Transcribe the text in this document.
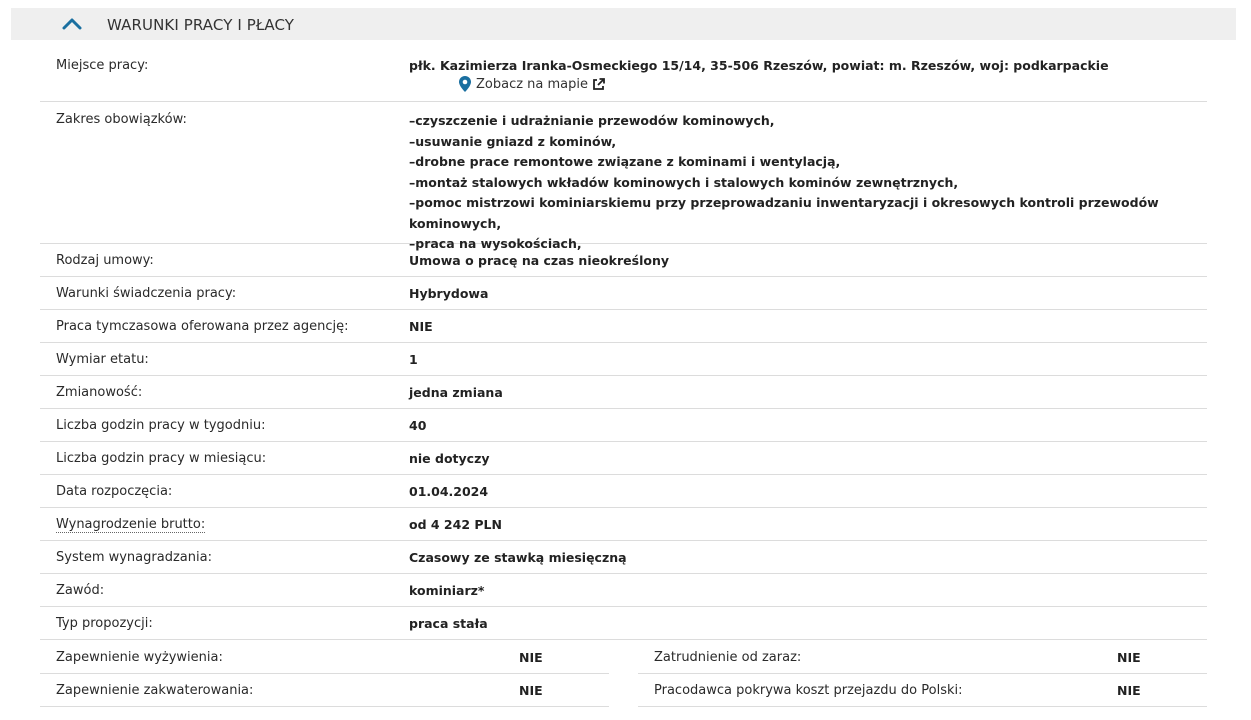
WARUNKI PRACY I PŁACY
Miejsce pracy:	płk. Kazimierza Iranka-Osmeckiego 15/14, 35-506 Rzeszów, powiat: m. Rzeszów, woj: podkarpackie
Zobacz na mapie
Zakres obowiązków:	–czyszczenie i udrażnianie przewodów kominowych,
–usuwanie gniazd z kominów,
–drobne prace remontowe związane z kominami i wentylacją,
–montaż stalowych wkładów kominowych i stalowych kominów zewnętrznych,
–pomoc mistrzowi kominiarskiemu przy przeprowadzaniu inwentaryzacji i okresowych kontroli przewodów kominowych,
–praca na wysokościach,
Rodzaj umowy:	Umowa o pracę na czas nieokreślony
Warunki świadczenia pracy:	Hybrydowa
Praca tymczasowa oferowana przez agencję:	NIE
Wymiar etatu:	1
Zmianowość:	jedna zmiana
Liczba godzin pracy w tygodniu:	40
Liczba godzin pracy w miesiącu:	nie dotyczy
Data rozpoczęcia:	01.04.2024
Wynagrodzenie brutto:	od 4 242 PLN
System wynagradzania:	Czasowy ze stawką miesięczną
Zawód:	kominiarz*
Typ propozycji:	praca stała
Zapewnienie wyżywienia:	NIE
Zapewnienie zakwaterowania:	NIE
Zatrudnienie od zaraz:	NIE
Pracodawca pokrywa koszt przejazdu do Polski:	NIE
